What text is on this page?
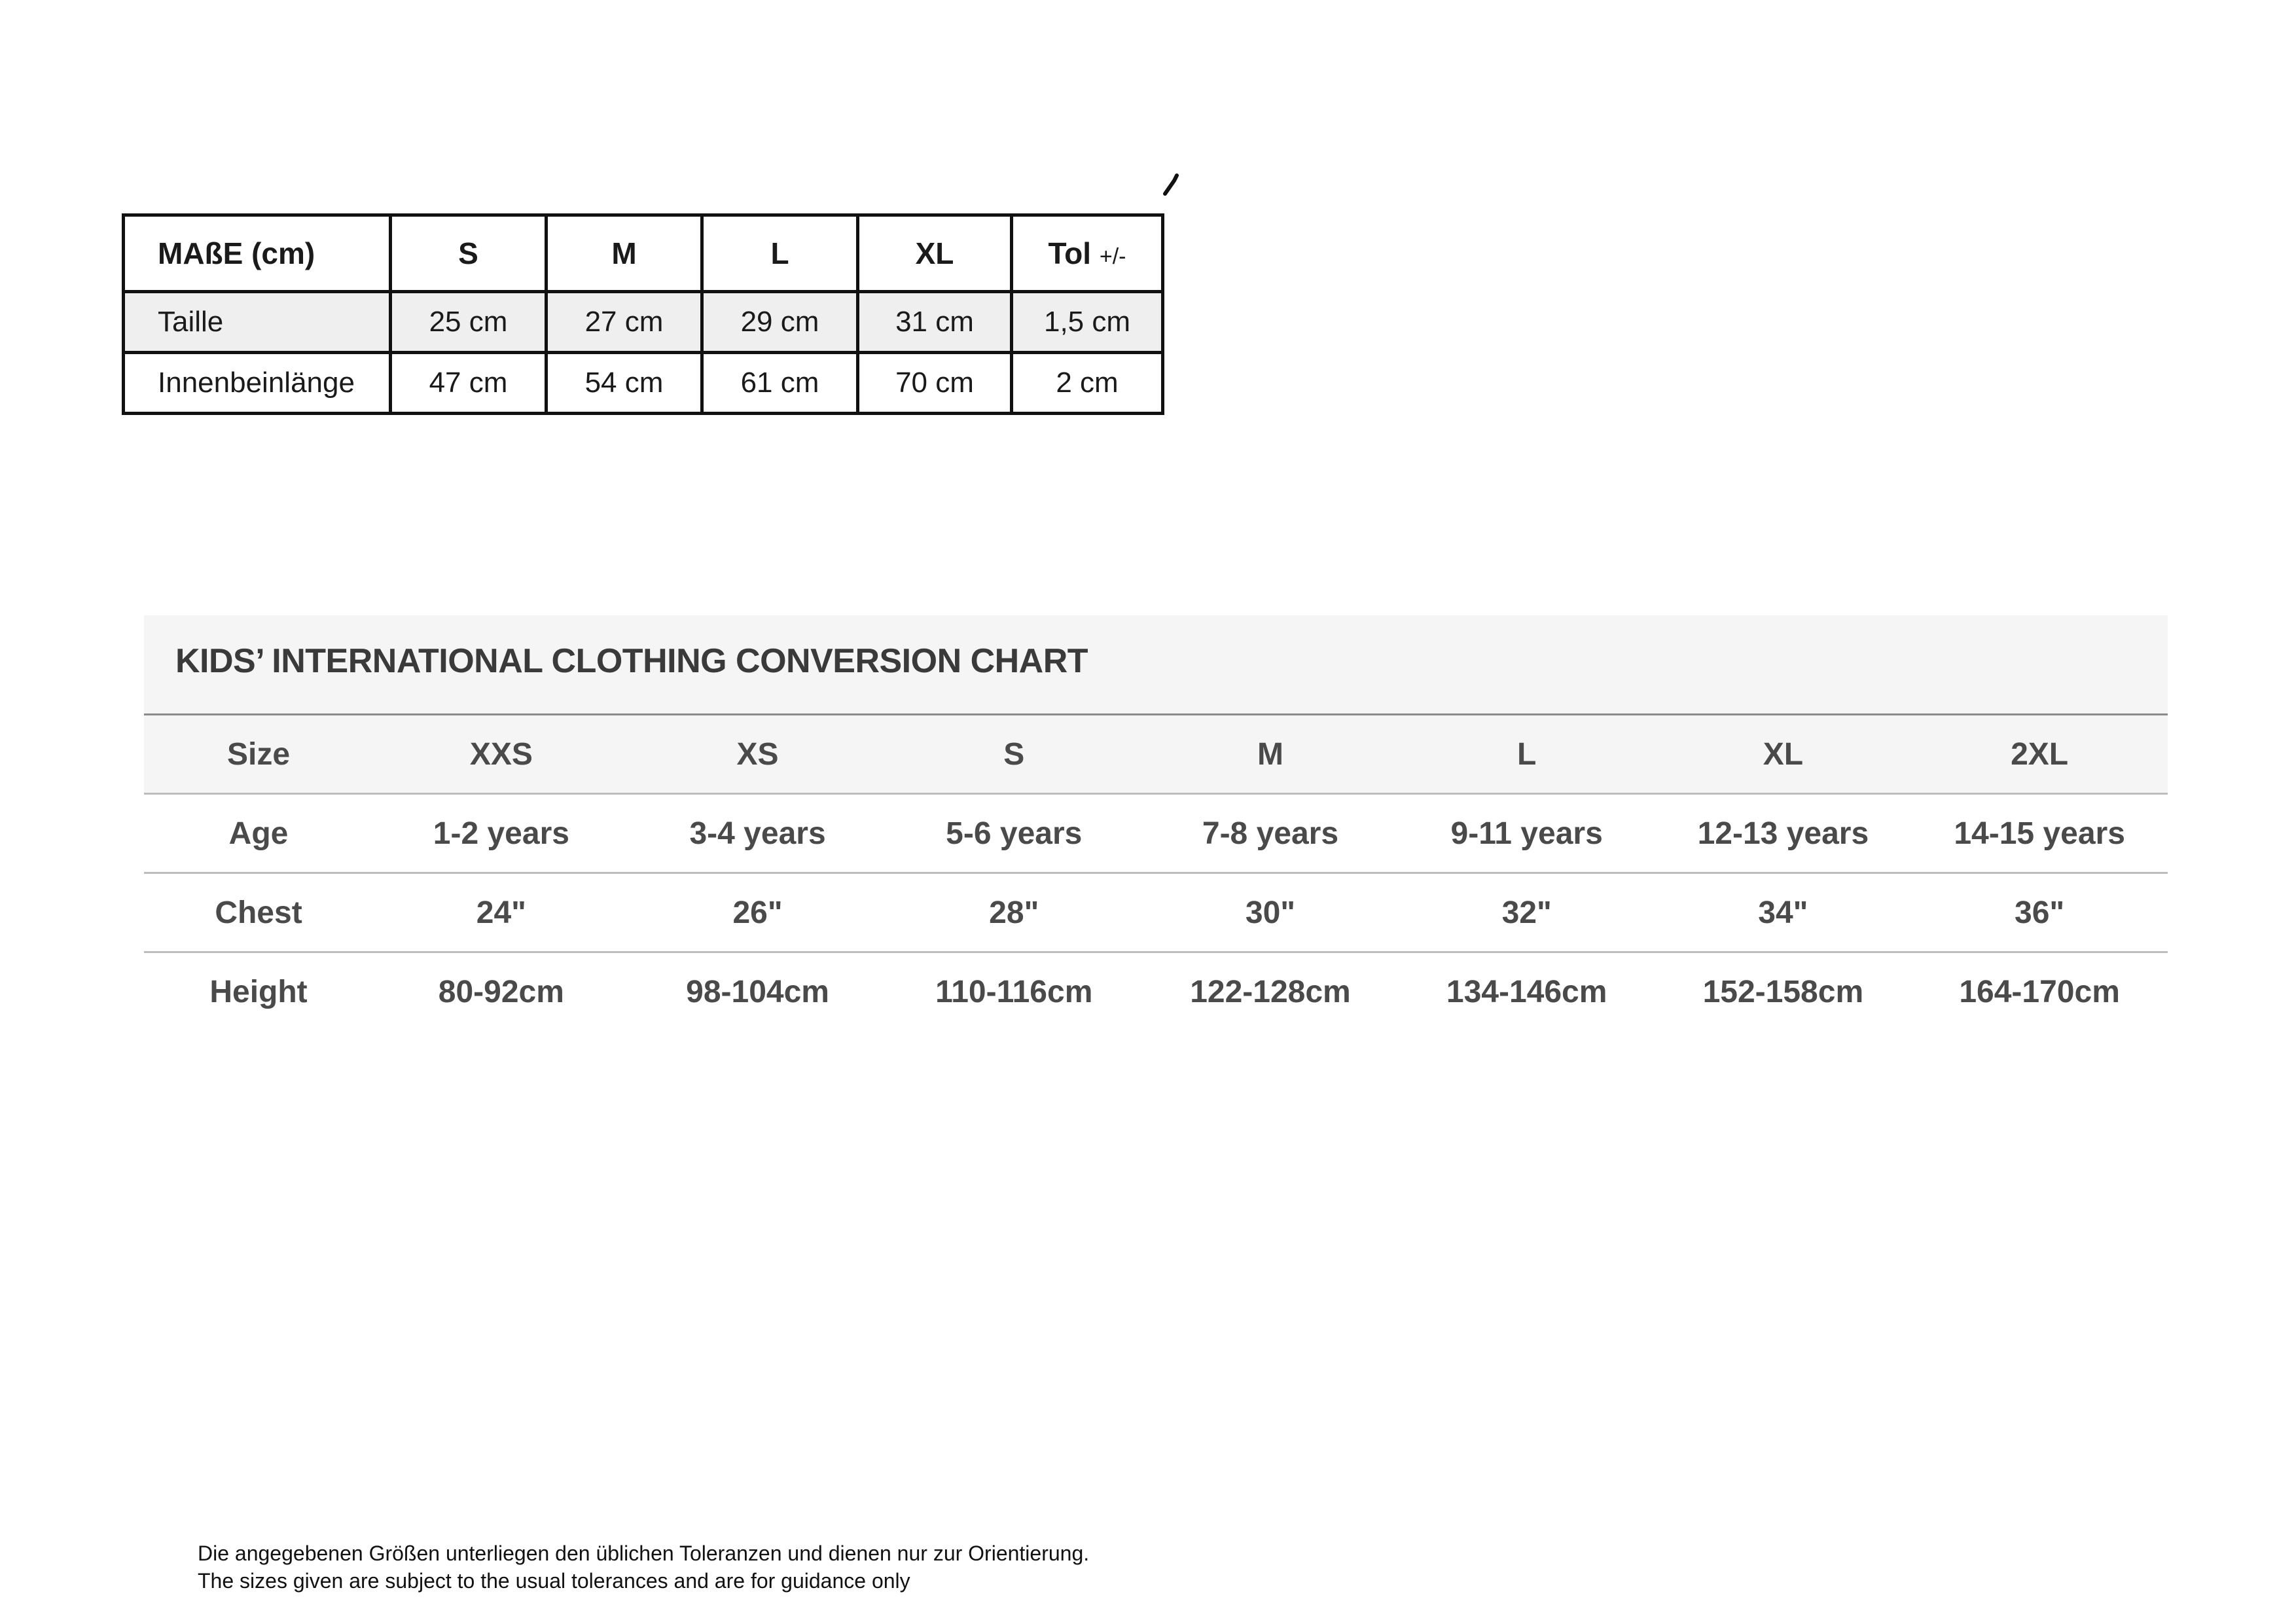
MAßE (cm)	S	M	L	XL	Tol +/-
Taille	25 cm	27 cm	29 cm	31 cm	1,5 cm
Innenbeinlänge	47 cm	54 cm	61 cm	70 cm	2 cm
KIDS’ INTERNATIONAL CLOTHING CONVERSION CHART
Size	XXS	XS	S	M	L	XL	2XL
Age	1-2 years	3-4 years	5-6 years	7-8 years	9-11 years	12-13 years	14-15 years
Chest	24"	26"	28"	30"	32"	34"	36"
Height	80-92cm	98-104cm	110-116cm	122-128cm	134-146cm	152-158cm	164-170cm
Die angegebenen Größen unterliegen den üblichen Toleranzen und dienen nur zur Orientierung.
The sizes given are subject to the usual tolerances and are for guidance only
